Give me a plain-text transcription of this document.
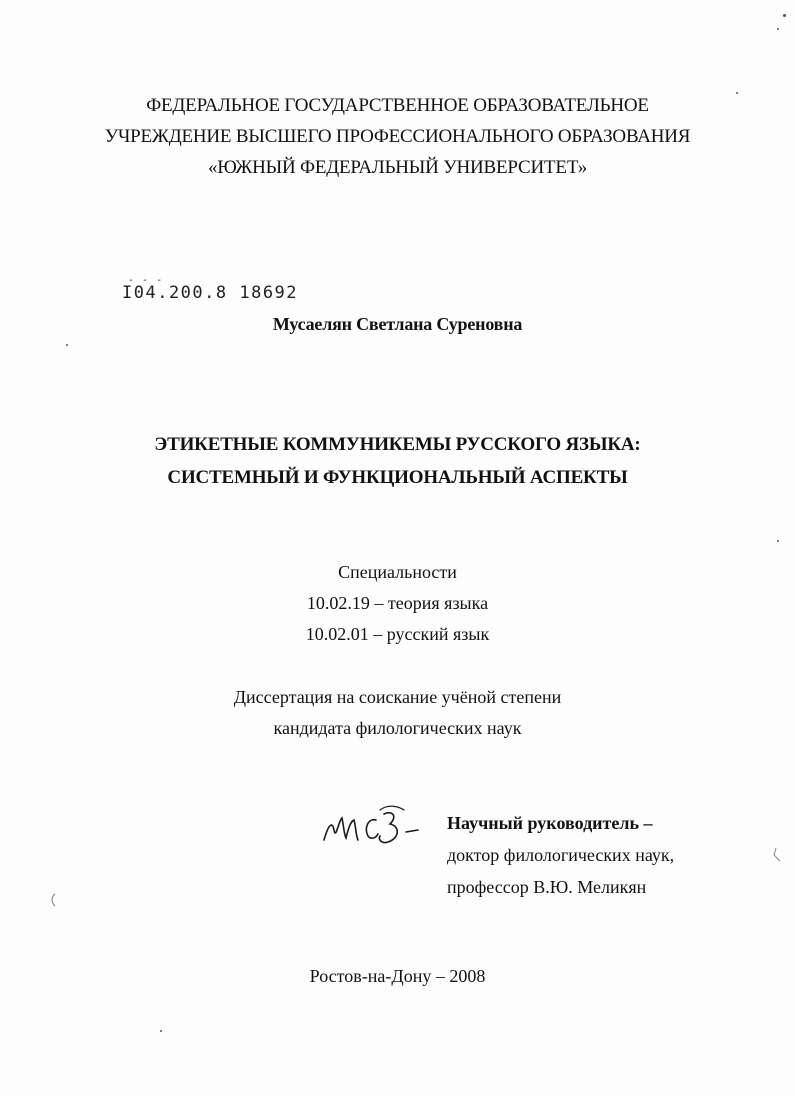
ФЕДЕРАЛЬНОЕ ГОСУДАРСТВЕННОЕ ОБРАЗОВАТЕЛЬНОЕ
УЧРЕЖДЕНИЕ ВЫСШЕГО ПРОФЕССИОНАЛЬНОГО ОБРАЗОВАНИЯ
«ЮЖНЫЙ ФЕДЕРАЛЬНЫЙ УНИВЕРСИТЕТ»
- - -
I04.200.8 18692
Мусаелян Светлана Суреновна
ЭТИКЕТНЫЕ КОММУНИКЕМЫ РУССКОГО ЯЗЫКА:
СИСТЕМНЫЙ И ФУНКЦИОНАЛЬНЫЙ АСПЕКТЫ
Специальности
10.02.19 – теория языка
10.02.01 – русский язык
Диссертация на соискание учёной степени
кандидата филологических наук
Научный руководитель –
доктор филологических наук,
профессор В.Ю. Меликян
Ростов-на-Дону – 2008
